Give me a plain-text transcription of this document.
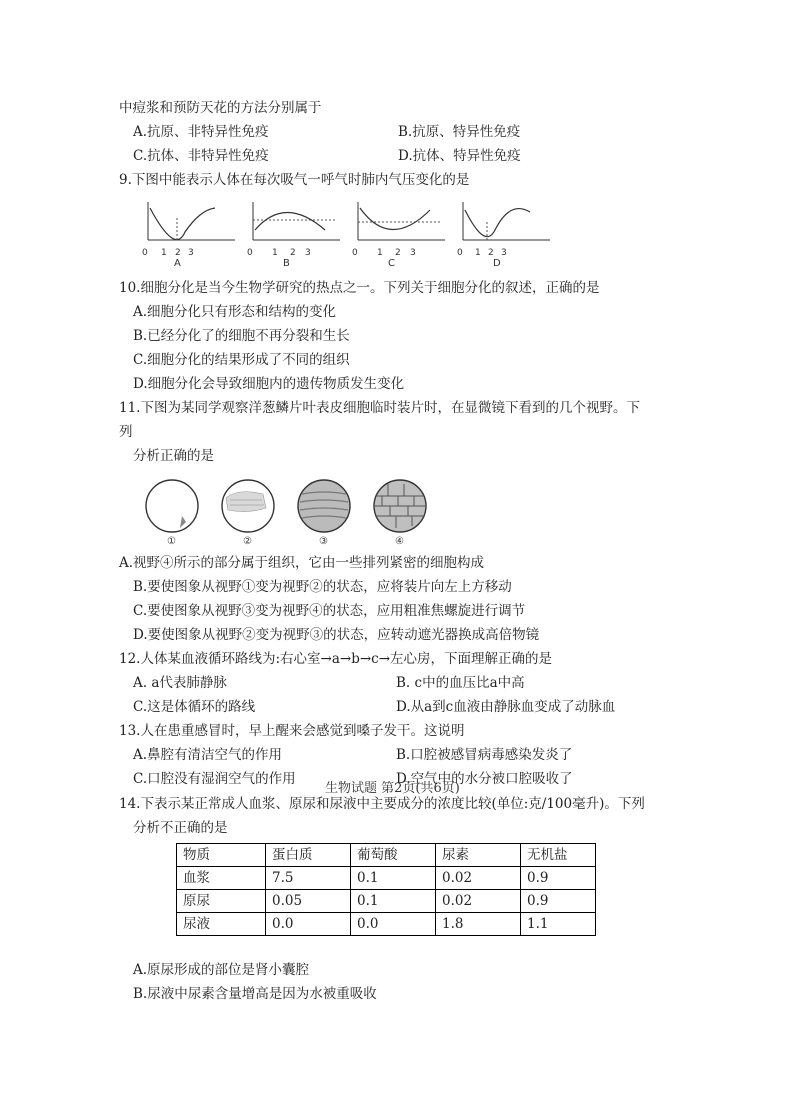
中痘浆和预防天花的方法分别属于
A.抗原、非特异性免疫	B.抗原、特异性免疫
C.抗体、非特异性免疫	D.抗体、特异性免疫
9.下图中能表示人体在每次吸气一呼气时肺内气压变化的是
0 1 2 3
A
0 1 2 3
B
0 1 2 3
C
0 1 2 3
D
10.细胞分化是当今生物学研究的热点之一。下列关于细胞分化的叙述，正确的是
A.细胞分化只有形态和结构的变化
B.已经分化了的细胞不再分裂和生长
C.细胞分化的结果形成了不同的组织
D.细胞分化会导致细胞内的遗传物质发生变化
11.下图为某同学观察洋葱鳞片叶表皮细胞临时装片时，在显微镜下看到的几个视野。下
列
分析正确的是
①	②	③	④
A.视野④所示的部分属于组织，它由一些排列紧密的细胞构成
B.要使图象从视野①变为视野②的状态，应将装片向左上方移动
C.要使图象从视野③变为视野④的状态，应用粗准焦螺旋进行调节
D.要使图象从视野②变为视野③的状态，应转动遮光器换成高倍物镜
12.人体某血液循环路线为:右心室→a→b→c→左心房，下面理解正确的是
A. a代表肺静脉	B. c中的血压比a中高
C.这是体循环的路线	D.从a到c血液由静脉血变成了动脉血
13.人在患重感冒时，早上醒来会感觉到嗓子发干。这说明
A.鼻腔有清洁空气的作用	B.口腔被感冒病毒感染发炎了
C.口腔没有湿润空气的作用	D.空气中的水分被口腔吸收了
生物试题 第2页(共6页)
14.下表示某正常成人血浆、原尿和尿液中主要成分的浓度比较(单位:克/100毫升)。下列
分析不正确的是
物质	蛋白质	葡萄酸	尿素	无机盐
血浆	7.5	0.1	0.02	0.9
原尿	0.05	0.1	0.02	0.9
尿液	0.0	0.0	1.8	1.1
A.原尿形成的部位是肾小囊腔
B.尿液中尿素含量增高是因为水被重吸收
